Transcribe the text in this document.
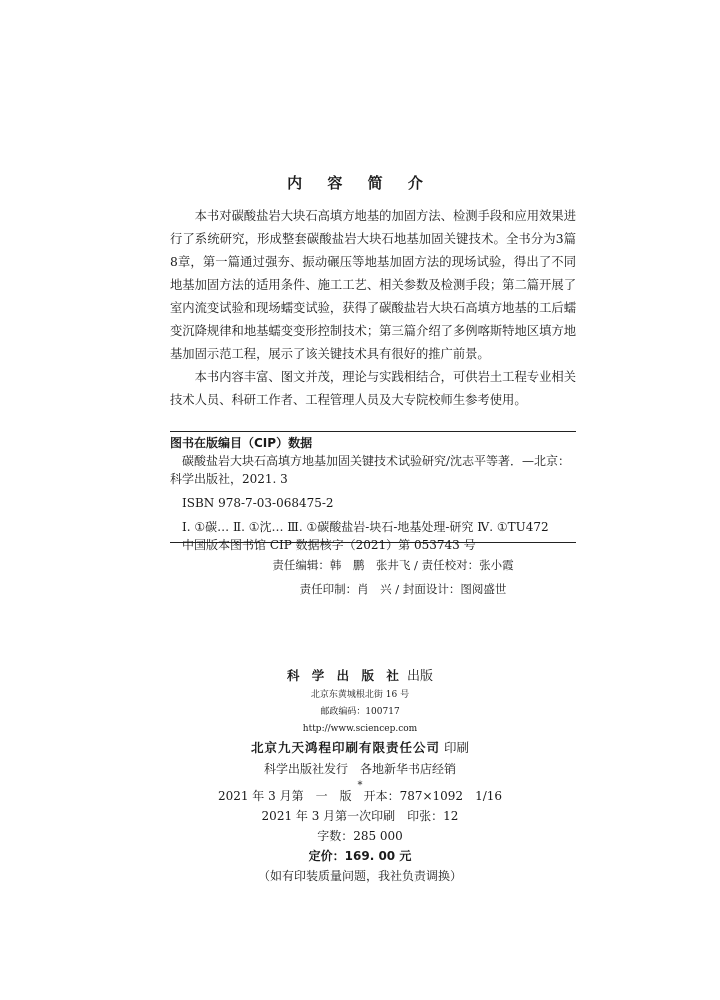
内 容 简 介

本书对碳酸盐岩大块石高填方地基的加固方法、检测手段和应用效果进行了系统研究，形成整套碳酸盐岩大块石地基加固关键技术。全书分为3篇8章，第一篇通过强夯、振动碾压等地基加固方法的现场试验，得出了不同地基加固方法的适用条件、施工工艺、相关参数及检测手段；第二篇开展了室内流变试验和现场蠕变试验，获得了碳酸盐岩大块石高填方地基的工后蠕变沉降规律和地基蠕变变形控制技术；第三篇介绍了多例喀斯特地区填方地基加固示范工程，展示了该关键技术具有很好的推广前景。

本书内容丰富、图文并茂，理论与实践相结合，可供岩土工程专业相关技术人员、科研工作者、工程管理人员及大专院校师生参考使用。

图书在版编目（CIP）数据
碳酸盐岩大块石高填方地基加固关键技术试验研究/沈志平等著．—北京：
科学出版社，2021. 3
ISBN 978-7-03-068475-2
Ⅰ. ①碳… Ⅱ. ①沈… Ⅲ. ①碳酸盐岩-块石-地基处理-研究 Ⅳ. ①TU472
中国版本图书馆 CIP 数据核字（2021）第 053743 号
责任编辑：韩　鹏　张井飞 / 责任校对：张小霞
责任印制：肖　兴 / 封面设计：图阅盛世
科 学 出 版 社 出版
北京东黄城根北街 16 号
邮政编码：100717
http://www.sciencep.com
北京九天鸿程印刷有限责任公司 印刷
科学出版社发行　各地新华书店经销
*
2021 年 3 月第　一　版　开本：787×1092　1/16
2021 年 3 月第一次印刷　印张：12
字数：285 000
定价：169. 00 元
（如有印装质量问题，我社负责调换）
